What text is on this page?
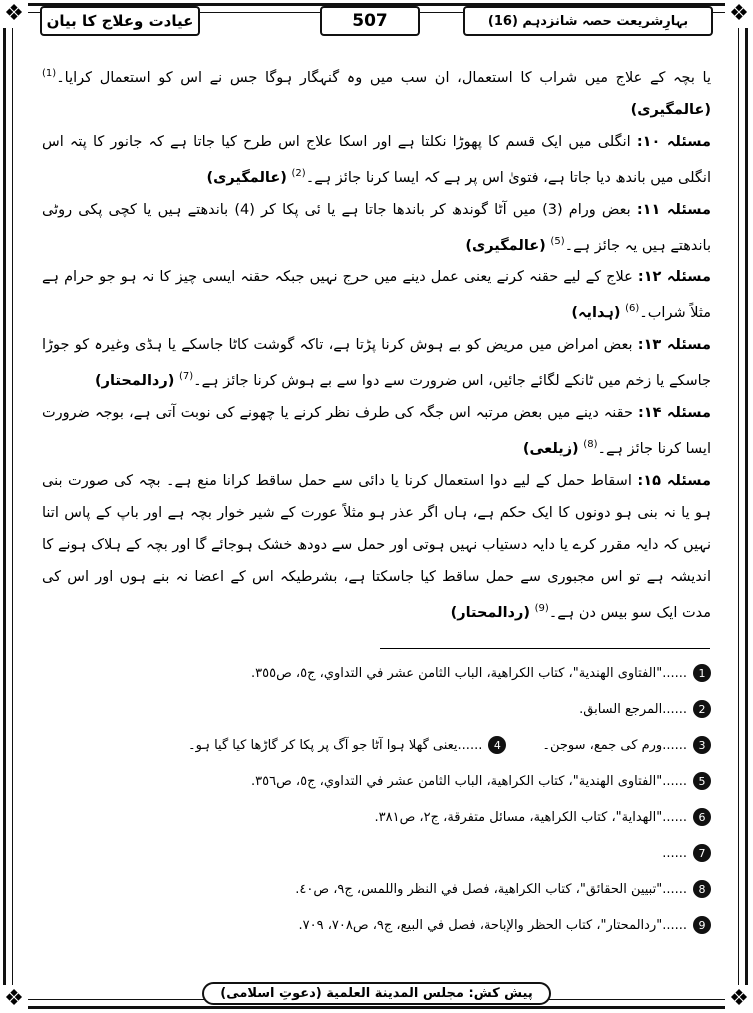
❖	❖
❖	❖
بہارِشریعت حصہ شانزدہم

(16)
507
عیادت وعلاج کا بیان

یا بچہ کے علاج میں شراب کا استعمال، ان سب میں وہ گنہگار ہوگا جس نے اس کو استعمال کرایا۔$^{(1)}$ (عالمگیری)

مسئلہ ۱۰: انگلی میں ایک قسم کا پھوڑا نکلتا ہے اور اسکا علاج اس طرح کیا جاتا ہے کہ جانور کا پتہ اس انگلی میں باندھ دیا جاتا ہے، فتویٰ اس پر ہے کہ ایسا کرنا جائز ہے۔$^{(2)}$ (عالمگیری)

مسئلہ ۱۱: بعض ورام (3) میں آٹا گوندھ کر باندھا جاتا ہے یا ئی پکا کر (4) باندھتے ہیں یا کچی پکی روٹی باندھتے ہیں یہ جائز ہے۔$^{(5)}$ (عالمگیری)

مسئلہ ۱۲: علاج کے لیے حقنہ کرنے یعنی عمل دینے میں حرج نہیں جبکہ حقنہ ایسی چیز کا نہ ہو جو حرام ہے مثلاً شراب۔$^{(6)}$ (ہدایہ)

مسئلہ ۱۳: بعض امراض میں مریض کو بے ہوش کرنا پڑتا ہے، تاکہ گوشت کاٹا جاسکے یا ہڈی وغیرہ کو جوڑا جاسکے یا زخم میں ٹانکے لگائے جائیں، اس ضرورت سے دوا سے بے ہوش کرنا جائز ہے۔$^{(7)}$ (ردالمحتار)

مسئلہ ۱۴: حقنہ دینے میں بعض مرتبہ اس جگہ کی طرف نظر کرنے یا چھونے کی نوبت آتی ہے، بوجہ ضرورت ایسا کرنا جائز ہے۔$^{(8)}$ (زیلعی)

مسئلہ ۱۵: اسقاط حمل کے لیے دوا استعمال کرنا یا دائی سے حمل ساقط کرانا منع ہے۔ بچہ کی صورت بنی ہو یا نہ بنی ہو دونوں کا ایک حکم ہے، ہاں اگر عذر ہو مثلاً عورت کے شیر خوار بچہ ہے اور باپ کے پاس اتنا نہیں کہ دایہ مقرر کرے یا دایہ دستیاب نہیں ہوتی اور حمل سے دودھ خشک ہوجائے گا اور بچہ کے ہلاک ہونے کا اندیشہ ہے تو اس مجبوری سے حمل ساقط کیا جاسکتا ہے، بشرطیکہ اس کے اعضا نہ بنے ہوں اور اس کی مدت ایک سو بیس دن ہے۔$^{(9)}$ (ردالمحتار)

1
......"الفتاوى الهندية"، كتاب الكراهية، الباب الثامن عشر في التداوي، ج٥، ص٣٥٥.
2
......المرجع السابق.
3
......ورم کی جمع، سوجن۔
4
......یعنی گھلا ہوا آٹا جو آگ پر پکا کر گاڑھا کیا گیا ہو۔
5
......"الفتاوى الهندية"، كتاب الكراهية، الباب الثامن عشر في التداوي، ج٥، ص٣٥٦.
6
......"الهداية"، كتاب الكراهية، مسائل متفرقة، ج٢، ص٣٨١.
7
......
8
......"تبيين الحقائق"، كتاب الكراهية، فصل في النظر واللمس، ج٩، ص٤٠.
9
......"ردالمحتار"، كتاب الحظر والإباحة، فصل في البيع، ج٩، ص٧٠٨، ٧٠٩.
پیش کش: مجلس المدينة العلمية (دعوتِ اسلامی)
